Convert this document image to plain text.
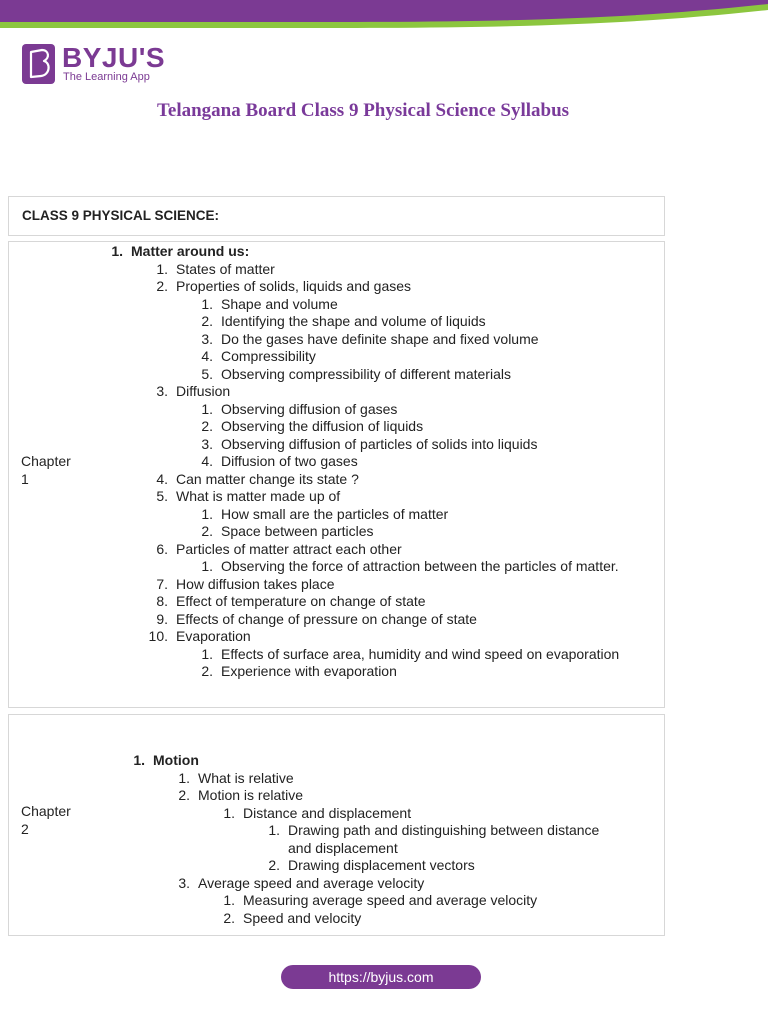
BYJU'S
The Learning App
Telangana Board Class 9 Physical Science Syllabus
CLASS 9 PHYSICAL SCIENCE:
Chapter
1
1. Matter around us:
1. States of matter
2. Properties of solids, liquids and gases
1. Shape and volume
2. Identifying the shape and volume of liquids
3. Do the gases have definite shape and fixed volume
4. Compressibility
5. Observing compressibility of different materials
3. Diffusion
1. Observing diffusion of gases
2. Observing the diffusion of liquids
3. Observing diffusion of particles of solids into liquids
4. Diffusion of two gases
4. Can matter change its state ?
5. What is matter made up of
1. How small are the particles of matter
2. Space between particles
6. Particles of matter attract each other
1. Observing the force of attraction between the particles of matter.
7. How diffusion takes place
8. Effect of temperature on change of state
9. Effects of change of pressure on change of state
10. Evaporation
1. Effects of surface area, humidity and wind speed on evaporation
2. Experience with evaporation
Chapter
2
1. Motion
1. What is relative
2. Motion is relative
1. Distance and displacement
1. Drawing path and distinguishing between distance
and displacement
2. Drawing displacement vectors
3. Average speed and average velocity
1. Measuring average speed and average velocity
2. Speed and velocity
https://byjus.com
